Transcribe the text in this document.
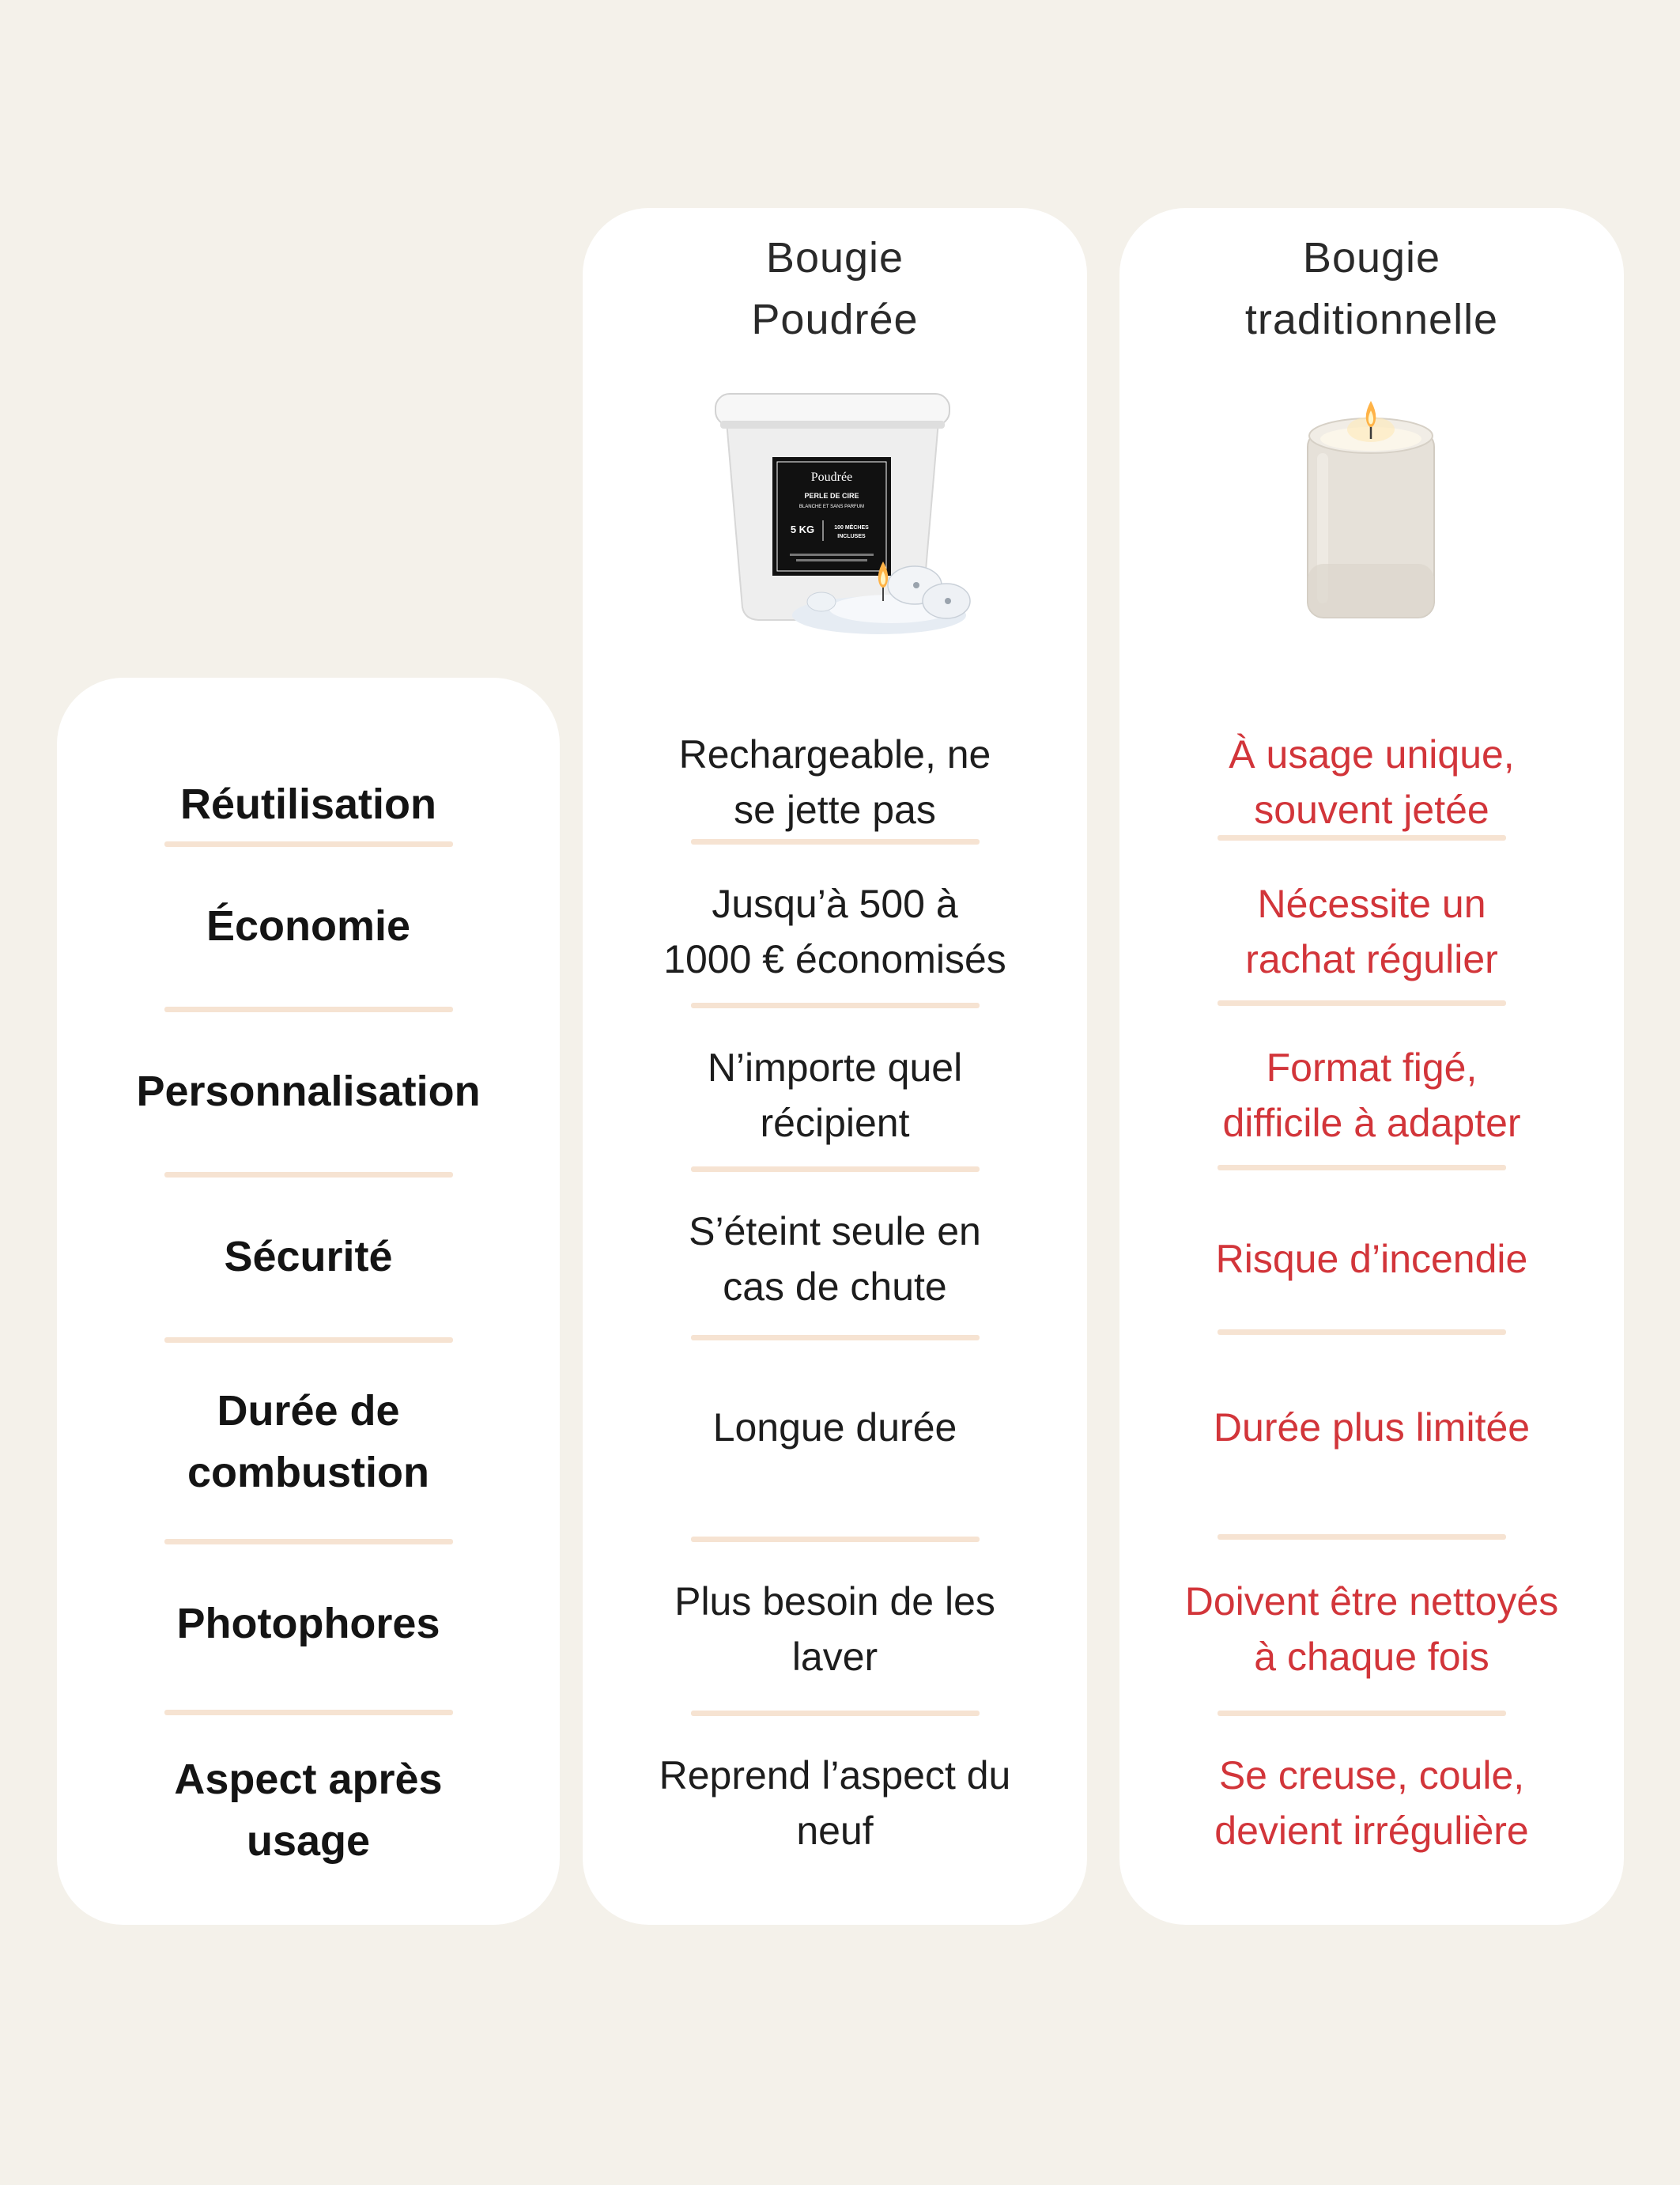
Réutilisation
Économie
Personnalisation
Sécurité
Durée de
combustion
Photophores
Aspect après
usage
Bougie
Poudrée
Poudrée
PERLE DE CIRE
BLANCHE ET SANS PARFUM
5 KG	100 MÈCHES
INCLUSES
Rechargeable, ne
se jette pas
Jusqu’à 500 à
1000 € économisés
N’importe quel
récipient
S’éteint seule en
cas de chute
Longue durée
Plus besoin de les
laver
Reprend l’aspect du
neuf
Bougie
traditionnelle
À usage unique,
souvent jetée
Nécessite un
rachat régulier
Format figé,
difficile à adapter
Risque d’incendie
Durée plus limitée
Doivent être nettoyés
à chaque fois
Se creuse, coule,
devient irrégulière
